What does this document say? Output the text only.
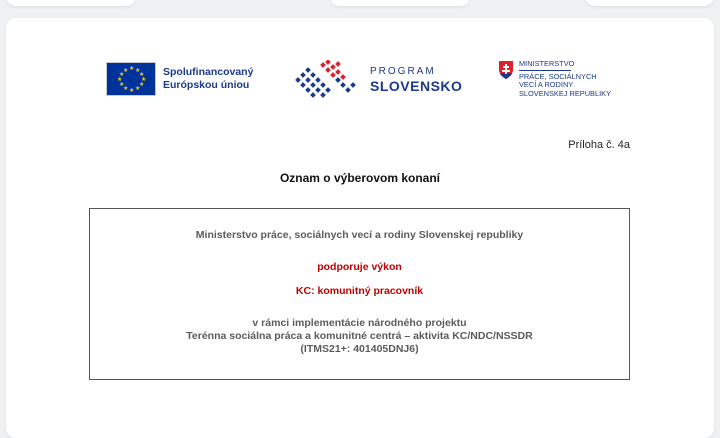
★ ★
★
★
★
★
★
★
★
★
★
★	Spolufinancovaný
Európskou úniou
PROGRAM
SLOVENSKO
MINISTERSTVO
PRÁCE, SOCIÁLNYCH
VECÍ A RODINY
SLOVENSKEJ REPUBLIKY
Príloha č. 4a
Oznam o výberovom konaní

Ministerstvo práce, sociálnych vecí a rodiny Slovenskej republiky

podporuje výkon

KC: komunitný pracovník

v rámci implementácie národného projektu

Terénna sociálna práca a komunitné centrá – aktivita KC/NDC/NSSDR

(ITMS21+: 401405DNJ6)
